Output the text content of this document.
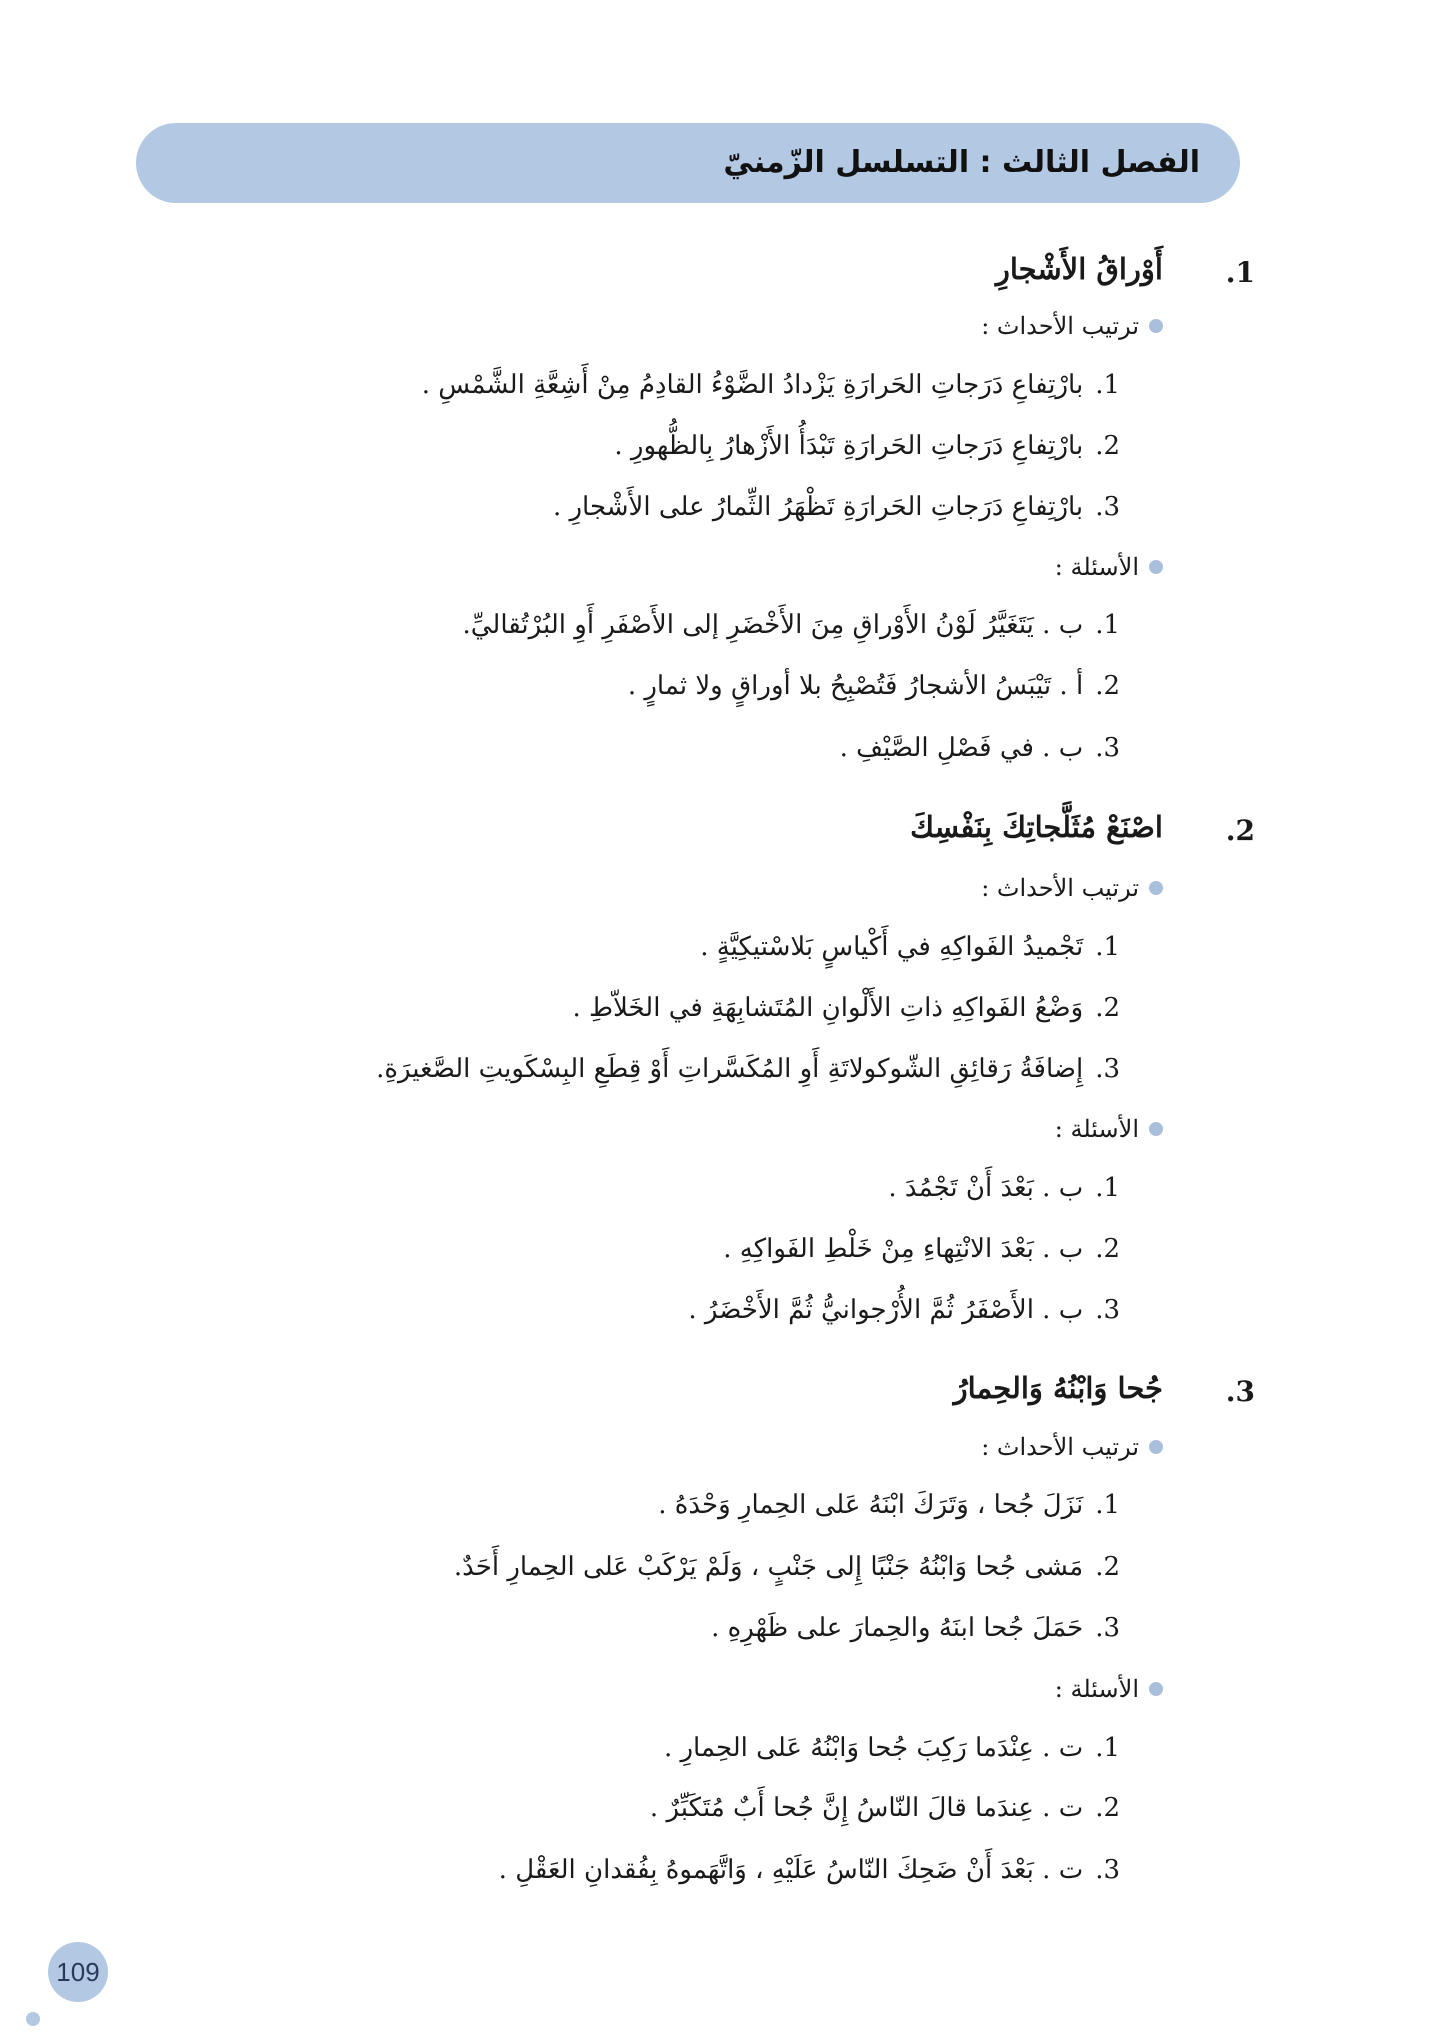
الفصل الثالث : التسلسل الزّمنيّ
1.
أَوْراقُ الأَشْجارِ
ترتيب الأحداث :
1.بارْتِفاعِ دَرَجاتِ الحَرارَةِ يَزْدادُ الضَّوْءُ القادِمُ مِنْ أَشِعَّةِ الشَّمْسِ .
2.بارْتِفاعِ دَرَجاتِ الحَرارَةِ تَبْدَأُ الأَزْهارُ بِالظُّهورِ .
3.بارْتِفاعِ دَرَجاتِ الحَرارَةِ تَظْهَرُ الثِّمارُ على الأَشْجارِ .
الأسئلة :
1.ب . يَتَغَيَّرُ لَوْنُ الأَوْراقِ مِنَ الأَخْضَرِ إلى الأَصْفَرِ أَوِ البُرْتُقاليِّ.
2.أ . تَيْبَسُ الأشجارُ فَتُصْبِحُ بلا أوراقٍ ولا ثمارٍ .
3.ب . في فَصْلِ الصَّيْفِ .
2.
اصْنَعْ مُثَلَّجاتِكَ بِنَفْسِكَ
ترتيب الأحداث :
1.تَجْميدُ الفَواكِهِ في أَكْياسٍ بَلاسْتيكِيَّةٍ .
2.وَضْعُ الفَواكِهِ ذاتِ الأَلْوانِ المُتَشابِهَةِ في الخَلاّطِ .
3.إِضافَةُ رَقائِقِ الشّوكولاتَةِ أَوِ المُكَسَّراتِ أَوْ قِطَعِ البِسْكَويتِ الصَّغيرَةِ.
الأسئلة :
1.ب . بَعْدَ أَنْ تَجْمُدَ .
2.ب . بَعْدَ الانْتِهاءِ مِنْ خَلْطِ الفَواكِهِ .
3.ب . الأَصْفَرُ ثُمَّ الأُرْجوانيُّ ثُمَّ الأَخْضَرُ .
3.
جُحا وَابْنُهُ وَالحِمارُ
ترتيب الأحداث :
1.نَزَلَ جُحا ، وَتَرَكَ ابْنَهُ عَلى الحِمارِ وَحْدَهُ .
2.مَشى جُحا وَابْنُهُ جَنْبًا إِلى جَنْبٍ ، وَلَمْ يَرْكَبْ عَلى الحِمارِ أَحَدٌ.
3.حَمَلَ جُحا ابنَهُ والحِمارَ على ظَهْرِهِ .
الأسئلة :
1.ت . عِنْدَما رَكِبَ جُحا وَابْنُهُ عَلى الحِمارِ .
2.ت . عِندَما قالَ النّاسُ إِنَّ جُحا أَبٌ مُتَكَبِّرٌ .
3.ت . بَعْدَ أَنْ ضَحِكَ النّاسُ عَلَيْهِ ، وَاتَّهَموهُ بِفُقدانِ العَقْلِ .
109
